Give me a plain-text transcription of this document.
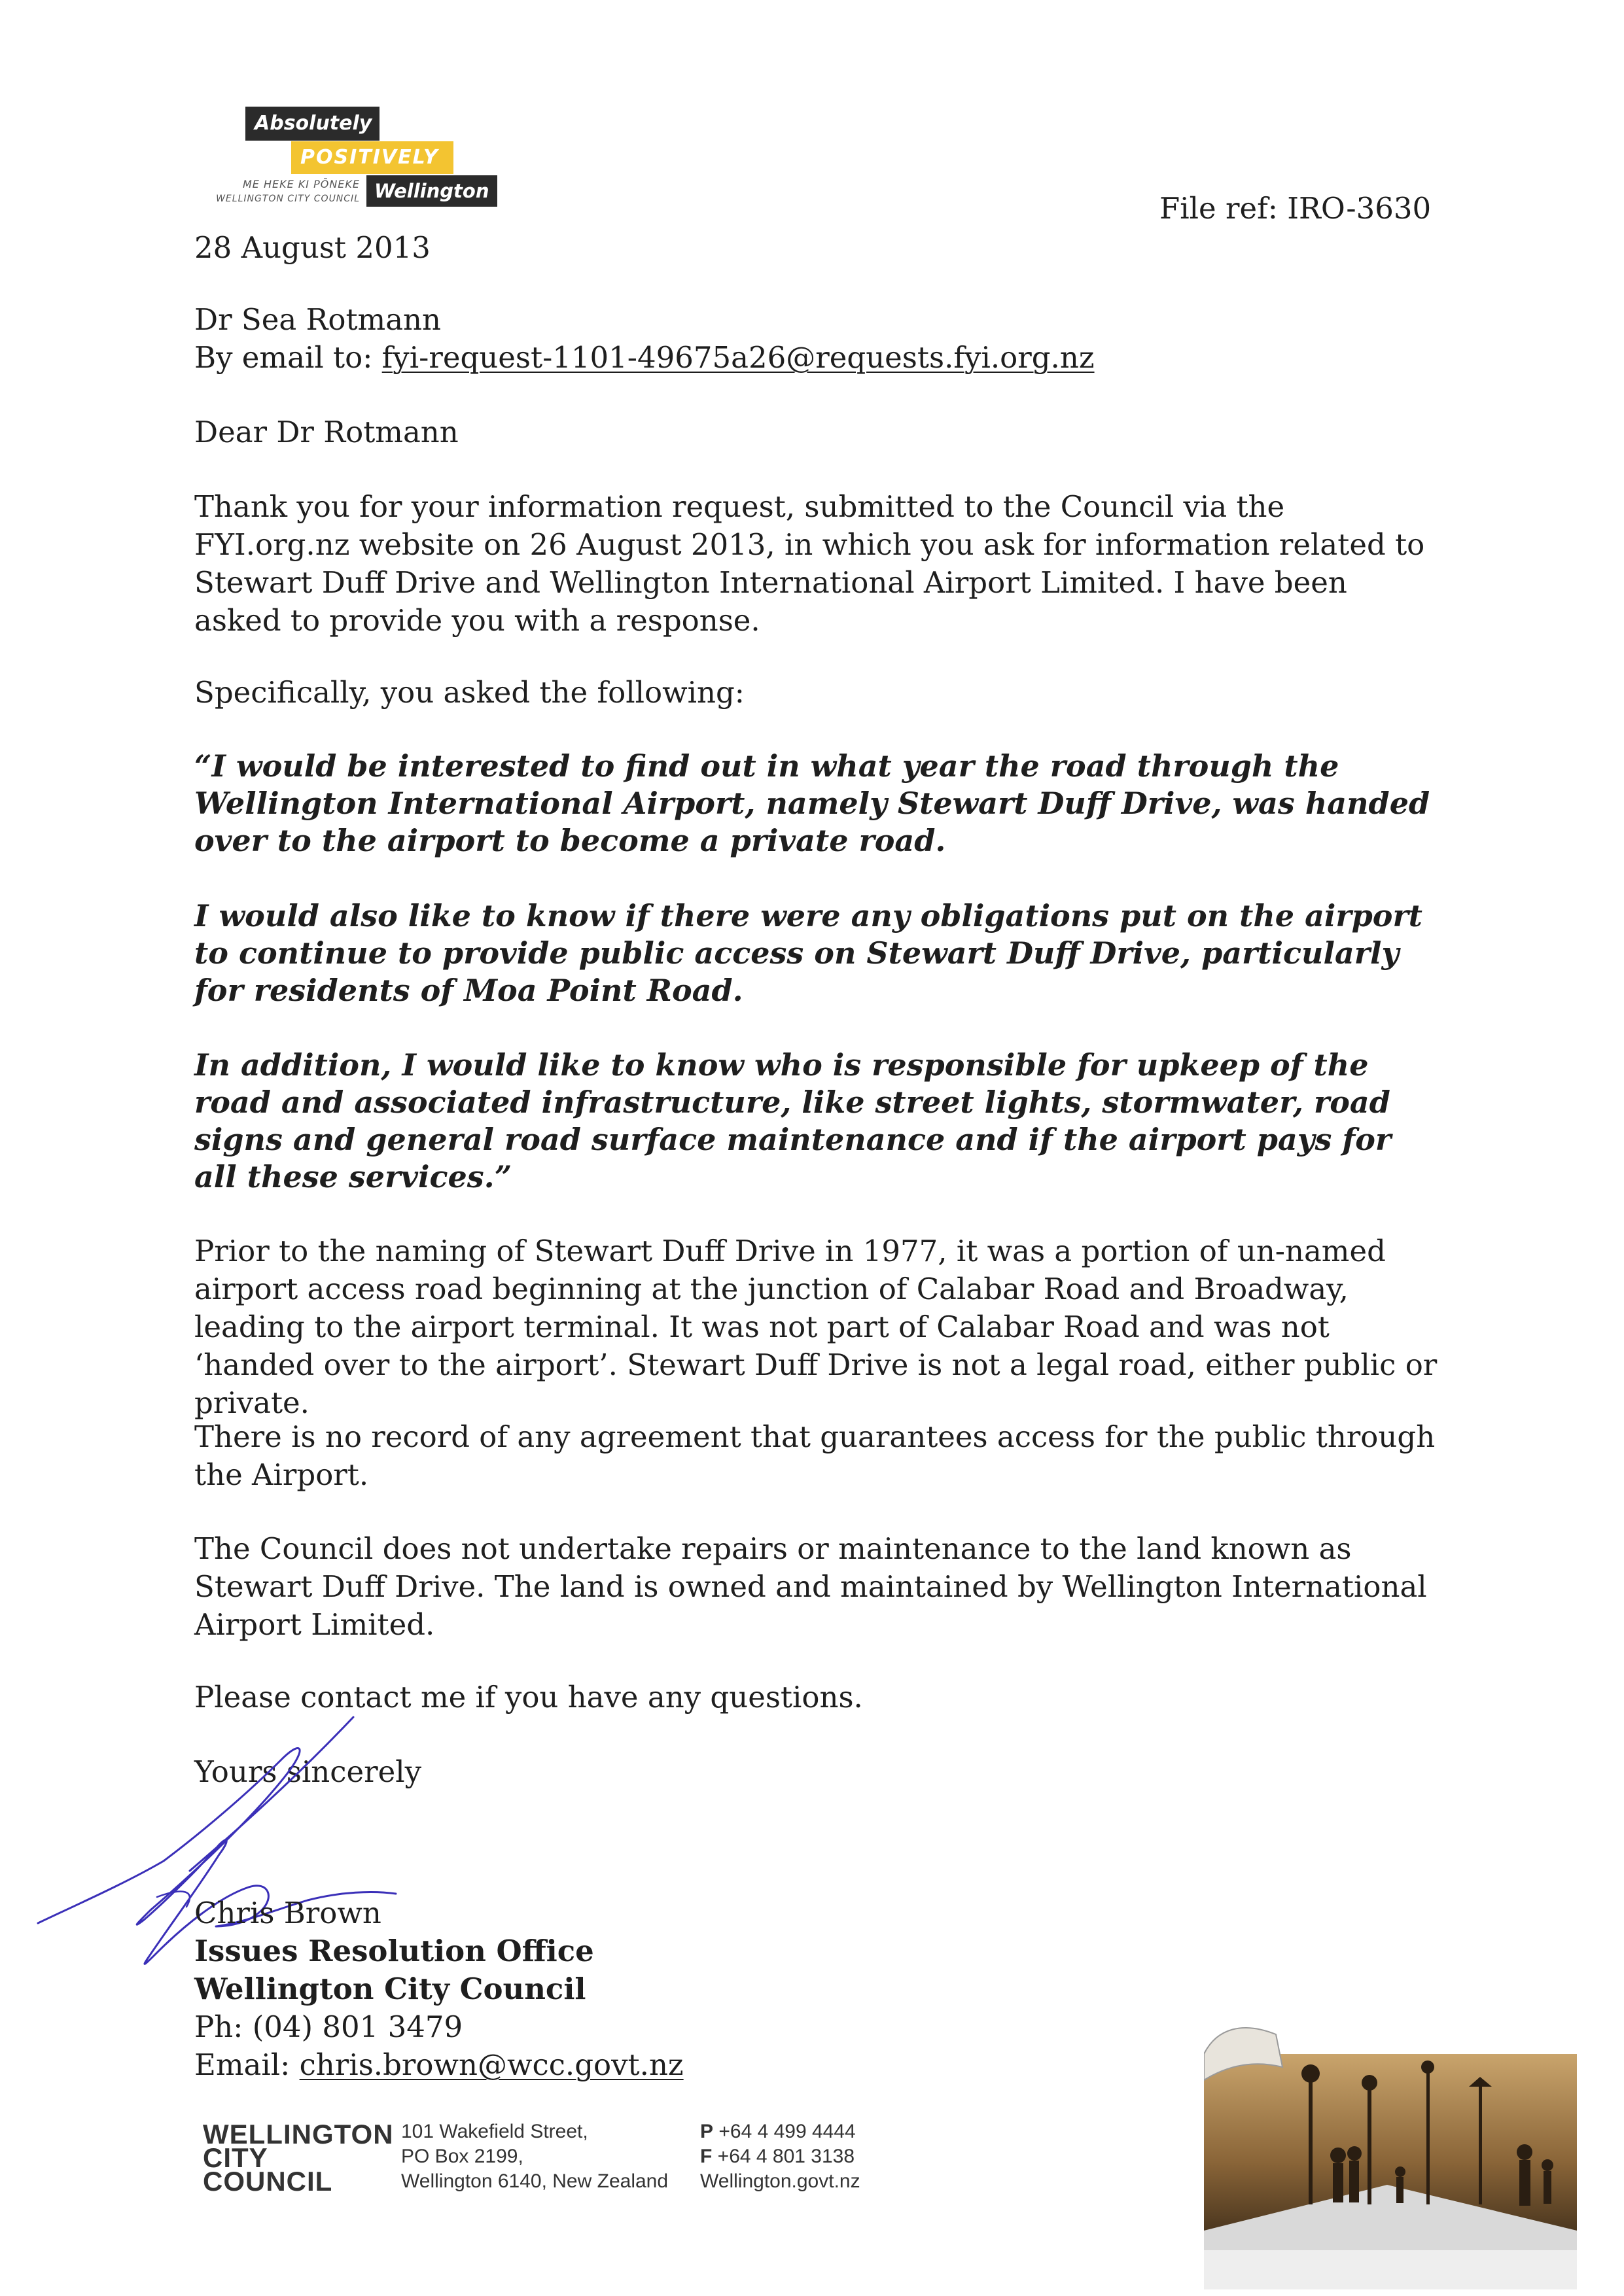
Absolutely
POSITIVELY
Wellington
ME HEKE KI PŌNEKE
WELLINGTON CITY COUNCIL	File ref: IRO-3630
28 August 2013
Dr Sea Rotmann
By email to: fyi-request-1101-49675a26@requests.fyi.org.nz
Dear Dr Rotmann

Thank you for your information request, submitted to the Council via the FYI.org.nz website on 26 August 2013, in which you ask for information related to Stewart Duff Drive and Wellington International Airport Limited. I have been asked to provide you with a response.

Specifically, you asked the following:

“I would be interested to find out in what year the road through the Wellington International Airport, namely Stewart Duff Drive, was handed over to the airport to become a private road.

I would also like to know if there were any obligations put on the airport to continue to provide public access on Stewart Duff Drive, particularly for residents of Moa Point Road.

In addition, I would like to know who is responsible for upkeep of the road and associated infrastructure, like street lights, stormwater, road signs and general road surface maintenance and if the airport pays for all these services.”

Prior to the naming of Stewart Duff Drive in 1977, it was a portion of un-named airport access road beginning at the junction of Calabar Road and Broadway, leading to the airport terminal. It was not part of Calabar Road and was not ‘handed over to the airport’. Stewart Duff Drive is not a legal road, either public or private.

There is no record of any agreement that guarantees access for the public through the Airport.

The Council does not undertake repairs or maintenance to the land known as Stewart Duff Drive. The land is owned and maintained by Wellington International Airport Limited.

Please contact me if you have any questions.

Yours sincerely
Chris Brown
Issues Resolution Office
Wellington City Council
Ph: (04) 801 3479
Email: chris.brown@wcc.govt.nz
WELLINGTON
CITY
COUNCIL
101 Wakefield Street,
PO Box 2199,
Wellington 6140, New Zealand
P +64 4 499 4444
F +64 4 801 3138
Wellington.govt.nz
